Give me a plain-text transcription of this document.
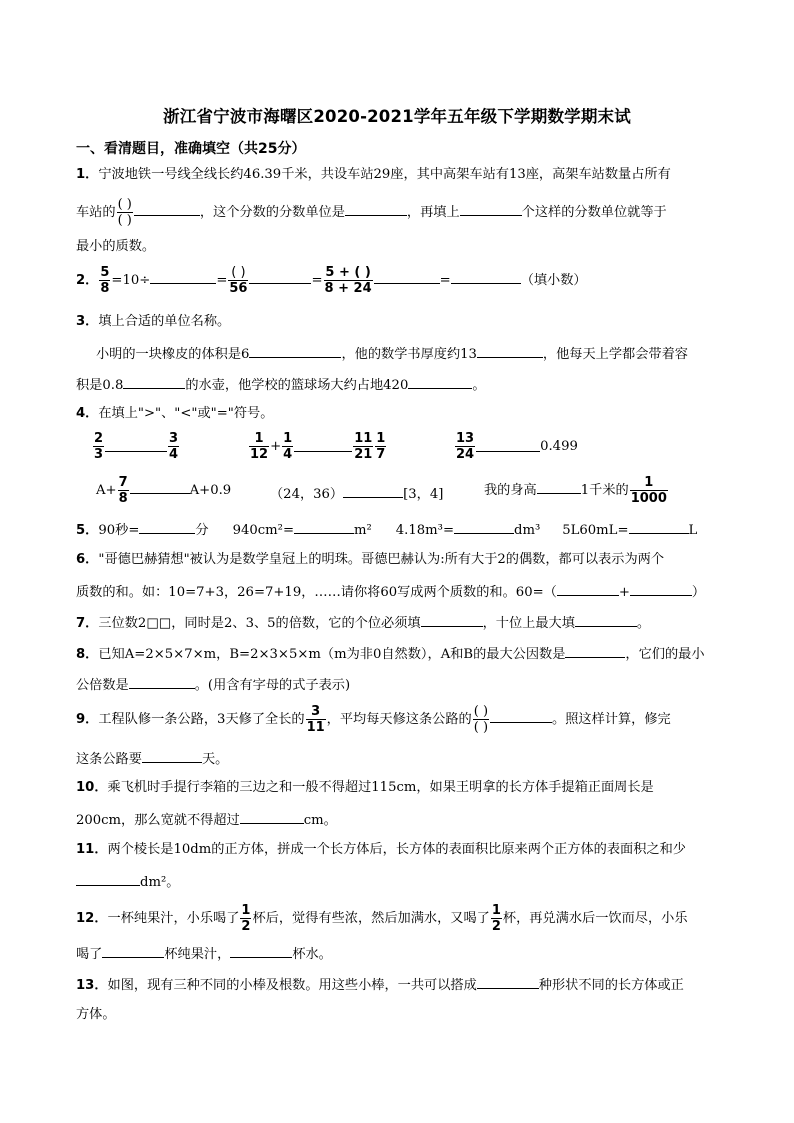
浙江省宁波市海曙区2020-2021学年五年级下学期数学期末试
一、看清题目，准确填空（共25分）
1．宁波地铁一号线全线长约46.39千米，共设车站29座，其中高架车站有13座，高架车站数量占所有
车站的 $\frac{( )}{( )}$	，这个分数的分数单位是	，再填上	个这样的分数单位就等于
最小的质数。
2． $\frac{5}{8} =10\div$	= $\frac{( )}{56}$	= $\frac{5 + ( )}{8 + 24}$	=	（填小数）
3．填上合适的单位名称。
小明的一块橡皮的体积是6	，他的数学书厚度约13	，他每天上学都会带着容
积是0.8	的水壶，他学校的篮球场大约占地420	。
4．在填上">"、"<"或"="符号。
$\frac{2}{3}$	$\frac{3}{4}$	$\frac{1}{12} + \frac{1}{4}$	$\frac{11}{21} \frac{1}{7}$	$\frac{13}{24}$	0.499
$A+ \frac{7}{8}$	A+0.9	（24，36）	[3，4]	我的身高	1千米的 $\frac{1}{1000}$
5．90秒=	分 940cm²=	m² 4.18m³=	dm³ 5L60mL=	L
6．"哥德巴赫猜想"被认为是数学皇冠上的明珠。哥德巴赫认为:所有大于2的偶数，都可以表示为两个
质数的和。如：10=7+3，26=7+19，……请你将60写成两个质数的和。60=（	+	）
7．三位数2□□，同时是2、3、5的倍数，它的个位必须填	，十位上最大填	。
8．已知A=2×5×7×m，B=2×3×5×m（m为非0自然数），A和B的最大公因数是	，它们的最小
公倍数是	。(用含有字母的式子表示)
9．工程队修一条公路，3天修了全长的 $\frac{3}{11}$ ，平均每天修这条公路的 $\frac{( )}{( )}$	。照这样计算，修完
这条公路要	天。
10．乘飞机时手提行李箱的三边之和一般不得超过115cm，如果王明拿的长方体手提箱正面周长是
200cm，那么宽就不得超过	cm。
11．两个棱长是10dm的正方体，拼成一个长方体后，长方体的表面积比原来两个正方体的表面积之和少
dm²。
12．一杯纯果汁，小乐喝了 $\frac{1}{2}$ 杯后，觉得有些浓，然后加满水，又喝了 $\frac{1}{2}$ 杯，再兑满水后一饮而尽，小乐
喝了	杯纯果汁，	杯水。
13．如图，现有三种不同的小棒及根数。用这些小棒，一共可以搭成	种形状不同的长方体或正
方体。
